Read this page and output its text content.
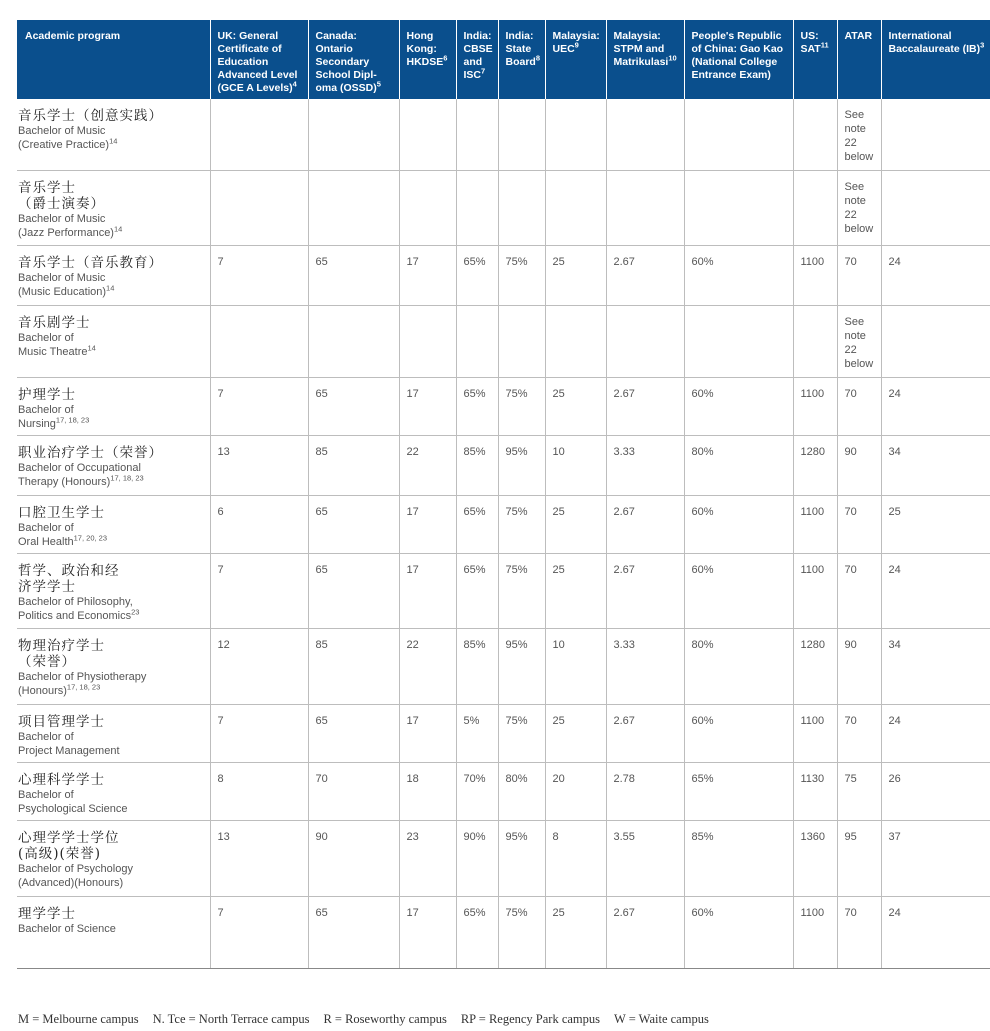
Academic program	UK: General Certificate of Education Advanced Level (GCE A Levels)$^4$	Canada: Ontario Secondary School Dipl-oma (OSSD)$^5$	Hong Kong: HKDSE$^6$	India: CBSE and ISC$^7$	India: State Board$^8$	Malaysia: UEC$^9$	Malaysia: STPM and Matrikulasi$^{10}$	People's Republic of China: Gao Kao (National College Entrance Exam)	US: SAT$^{11}$	ATAR	International Baccalaureate (IB)$^3$

音乐学士（创意实践）
Bachelor of Music
(Creative Practice)$^{14}$										See
note
22
below	

音乐学士
（爵士演奏）
Bachelor of Music
(Jazz Performance)$^{14}$										See
note
22
below	

音乐学士（音乐教育）
Bachelor of Music
(Music Education)$^{14}$	7	65	17	65%	75%	25	2.67	60%	1100	70	24

音乐剧学士
Bachelor of
Music Theatre$^{14}$										See
note
22
below	

护理学士
Bachelor of
Nursing$^{17, 18, 23}$	7	65	17	65%	75%	25	2.67	60%	1100	70	24

职业治疗学士（荣誉）
Bachelor of Occupational
Therapy (Honours)$^{17, 18, 23}$	13	85	22	85%	95%	10	3.33	80%	1280	90	34

口腔卫生学士
Bachelor of
Oral Health$^{17, 20, 23}$	6	65	17	65%	75%	25	2.67	60%	1100	70	25

哲学、政治和经
济学学士
Bachelor of Philosophy,
Politics and Economics$^{23}$	7	65	17	65%	75%	25	2.67	60%	1100	70	24

物理治疗学士
（荣誉）
Bachelor of Physiotherapy
(Honours)$^{17, 18, 23}$	12	85	22	85%	95%	10	3.33	80%	1280	90	34

项目管理学士
Bachelor of
Project Management	7	65	17	5%	75%	25	2.67	60%	1100	70	24

心理科学学士
Bachelor of
Psychological Science	8	70	18	70%	80%	20	2.78	65%	1130	75	26

心理学学士学位
(高级)(荣誉)
Bachelor of Psychology
(Advanced)(Honours)	13	90	23	90%	95%	8	3.55	85%	1360	95	37

理学学士
Bachelor of Science	7	65	17	65%	75%	25	2.67	60%	1100	70	24
M = Melbourne campus N. Tce = North Terrace campus R = Roseworthy campus RP = Regency Park campus W = Waite campus
